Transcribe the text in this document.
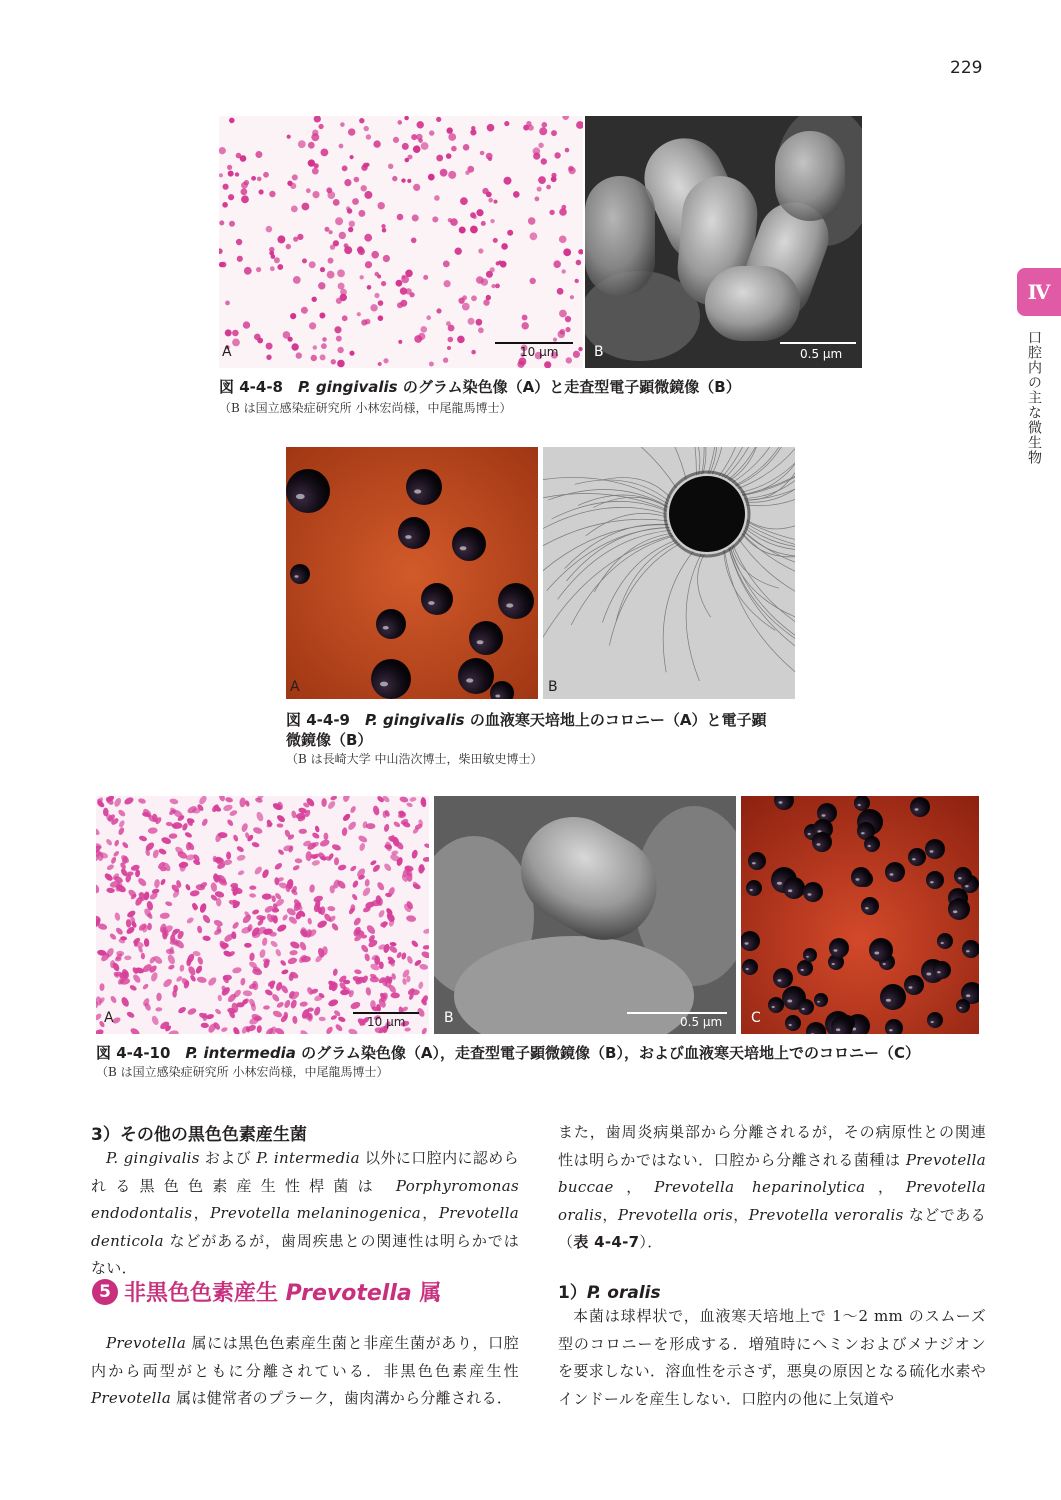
229
Ⅳ
口腔内の主な微生物
A	10 μm	B	0.5 μm
図 4-4-8　P. gingivalis のグラム染色像（A）と走査型電子顕微鏡像（B）
（B は国立感染症研究所 小林宏尚様，中尾龍馬博士）
A	B
図 4-4-9　P. gingivalis の血液寒天培地上のコロニー（A）と電子顕
微鏡像（B）
（B は長崎大学 中山浩次博士，柴田敏史博士）
A	10 μm	B	0.5 μm C
図 4-4-10　P. intermedia のグラム染色像（A），走査型電子顕微鏡像（B），および血液寒天培地上でのコロニー（C）
（B は国立感染症研究所 小林宏尚様，中尾龍馬博士）
3）その他の黒色色素産生菌

P. gingivalis および P. intermedia 以外に口腔内に認められる黒色色素産生性桿菌は Porphyromonas endodontalis，Prevotella melaninogenica，Prevotella denticola などがあるが，歯周疾患との関連性は明らかではない．

5 非黒色色素産生 Prevotella 属

Prevotella 属には黒色色素産生菌と非産生菌があり，口腔内から両型がともに分離されている．非黒色色素産生性 Prevotella 属は健常者のプラーク，歯肉溝から分離される．

また，歯周炎病巣部から分離されるが，その病原性との関連性は明らかではない．口腔から分離される菌種は Prevotella buccae，Prevotella heparinolytica，Prevotella oralis，Prevotella oris，Prevotella veroralis などである（表 4-4-7）．

1）P. oralis

本菌は球桿状で，血液寒天培地上で 1〜2 mm のスムーズ型のコロニーを形成する．増殖時にヘミンおよびメナジオンを要求しない．溶血性を示さず，悪臭の原因となる硫化水素やインドールを産生しない．口腔内の他に上気道や
